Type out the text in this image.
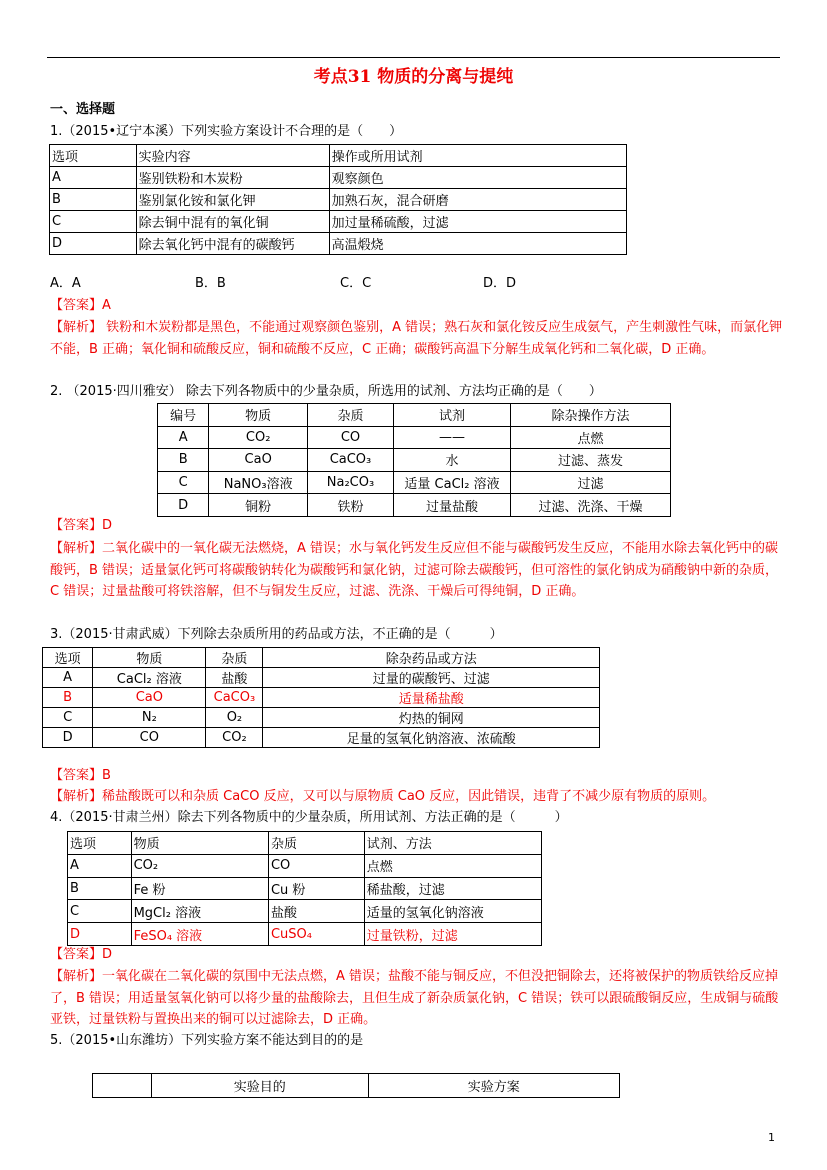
考点31 物质的分离与提纯
一、选择题
1.（2015•辽宁本溪）下列实验方案设计不合理的是（　　）
选项	实验内容	操作或所用试剂
A	鉴别铁粉和木炭粉	观察颜色
B	鉴别氯化铵和氯化钾	加熟石灰，混合研磨
C	除去铜中混有的氧化铜	加过量稀硫酸，过滤
D	除去氧化钙中混有的碳酸钙	高温煅烧
A．A	B．B	C．C	D．D
【答案】A
【解析】 铁粉和木炭粉都是黑色，不能通过观察颜色鉴别，A 错误；熟石灰和氯化铵反应生成氨气，产生刺激性气味，而氯化钾不能，B 正确；氧化铜和硫酸反应，铜和硫酸不反应，C 正确；碳酸钙高温下分解生成氧化钙和二氧化碳，D 正确。
2. （2015·四川雅安） 除去下列各物质中的少量杂质，所选用的试剂、方法均正确的是（　　）
编号	物质	杂质	试剂	除杂操作方法
A	CO₂	CO	——	点燃
B	CaO	CaCO₃	水	过滤、蒸发
C	NaNO₃溶液	Na₂CO₃	适量 CaCl₂ 溶液	过滤
D	铜粉	铁粉	过量盐酸	过滤、洗涤、干燥
【答案】D
【解析】二氧化碳中的一氧化碳无法燃烧，A 错误；水与氧化钙发生反应但不能与碳酸钙发生反应，不能用水除去氧化钙中的碳酸钙，B 错误；适量氯化钙可将碳酸钠转化为碳酸钙和氯化钠，过滤可除去碳酸钙，但可溶性的氯化钠成为硝酸钠中新的杂质，C 错误；过量盐酸可将铁溶解，但不与铜发生反应，过滤、洗涤、干燥后可得纯铜，D 正确。
3.（2015·甘肃武威）下列除去杂质所用的药品或方法，不正确的是（　　　）
选项	物质	杂质	除杂药品或方法
A	CaCl₂ 溶液	盐酸	过量的碳酸钙、过滤
B	CaO	CaCO₃	适量稀盐酸
C	N₂	O₂	灼热的铜网
D	CO	CO₂	足量的氢氧化钠溶液、浓硫酸
【答案】B
【解析】稀盐酸既可以和杂质 CaCO 反应，又可以与原物质 CaO 反应，因此错误，违背了不减少原有物质的原则。
4.（2015·甘肃兰州）除去下列各物质中的少量杂质，所用试剂、方法正确的是（　　　）
选项	物质	杂质	试剂、方法
A	CO₂	CO	点燃
B	Fe 粉	Cu 粉	稀盐酸，过滤
C	MgCl₂ 溶液	盐酸	适量的氢氧化钠溶液
D	FeSO₄ 溶液	CuSO₄	过量铁粉，过滤
【答案】D
【解析】一氧化碳在二氧化碳的氛围中无法点燃，A 错误；盐酸不能与铜反应，不但没把铜除去，还将被保护的物质铁给反应掉了，B 错误；用适量氢氧化钠可以将少量的盐酸除去，且但生成了新杂质氯化钠，C 错误；铁可以跟硫酸铜反应，生成铜与硫酸亚铁，过量铁粉与置换出来的铜可以过滤除去，D 正确。
5.（2015•山东潍坊）下列实验方案不能达到目的的是
	实验目的	实验方案
1
